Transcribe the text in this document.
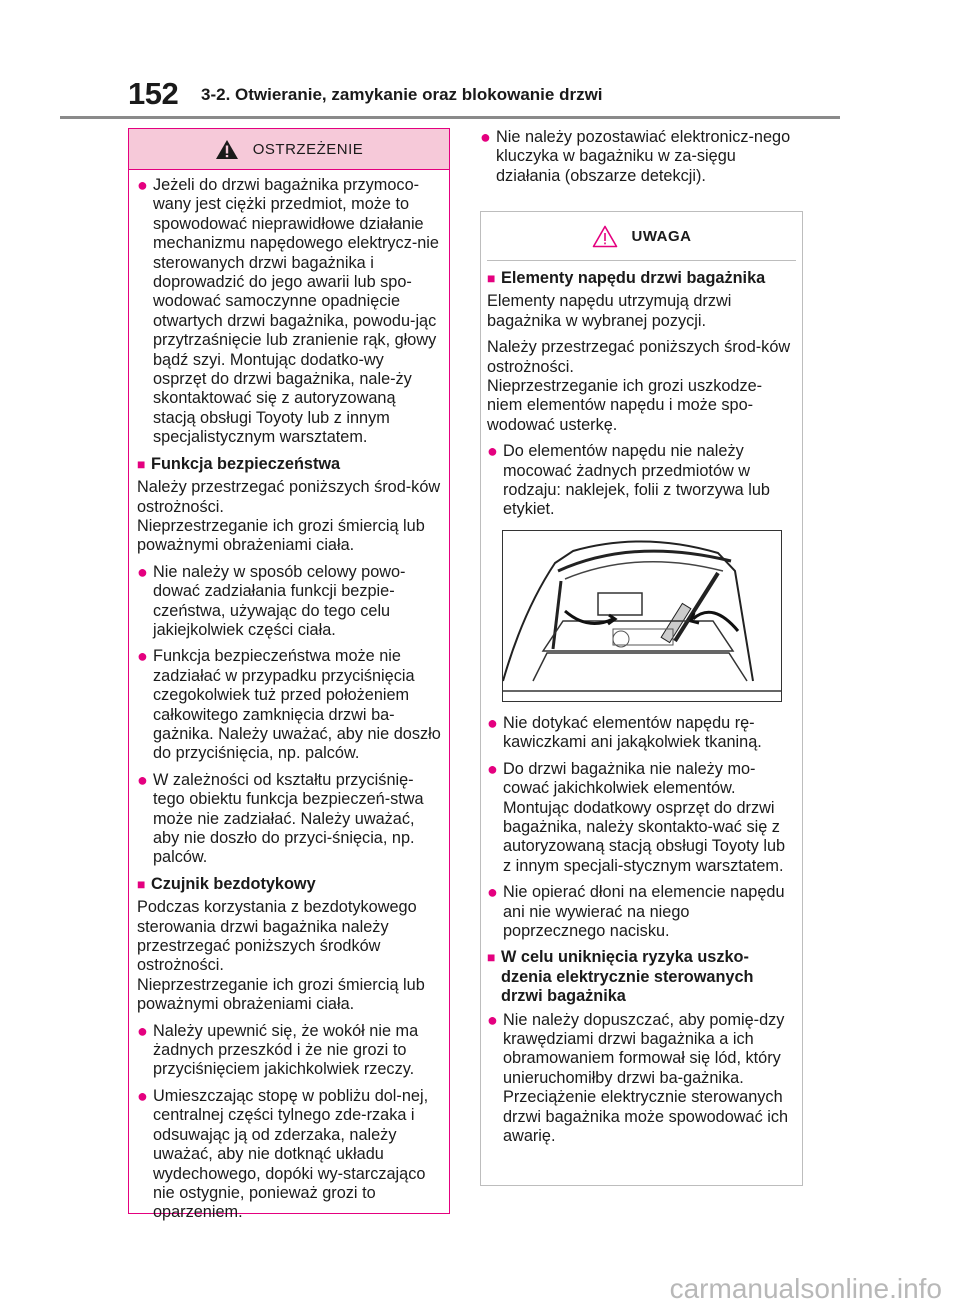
152 3-2. Otwieranie, zamykanie oraz blokowanie drzwi
OSTRZEŻENIE
● Jeżeli do drzwi bagażnika przymoco-wany jest ciężki przedmiot, może to spowodować nieprawidłowe działanie mechanizmu napędowego elektrycz-nie sterowanych drzwi bagażnika i doprowadzić do jego awarii lub spo-wodować samoczynne opadnięcie otwartych drzwi bagażnika, powodu-jąc przytrzaśnięcie lub zranienie rąk, głowy bądź szyi. Montując dodatko-wy osprzęt do drzwi bagażnika, nale-ży skontaktować się z autoryzowaną stacją obsługi Toyoty lub z innym specjalistycznym warsztatem.
■ Funkcja bezpieczeństwa
Należy przestrzegać poniższych środ-ków ostrożności.
Nieprzestrzeganie ich grozi śmiercią lub poważnymi obrażeniami ciała.
● Nie należy w sposób celowy powo-dować zadziałania funkcji bezpie-czeństwa, używając do tego celu jakiejkolwiek części ciała.
● Funkcja bezpieczeństwa może nie zadziałać w przypadku przyciśnięcia czegokolwiek tuż przed położeniem całkowitego zamknięcia drzwi ba-gażnika. Należy uważać, aby nie doszło do przyciśnięcia, np. palców.
● W zależności od kształtu przyciśnię-tego obiektu funkcja bezpieczeń-stwa może nie zadziałać. Należy uważać, aby nie doszło do przyci-śnięcia, np. palców.
■ Czujnik bezdotykowy
Podczas korzystania z bezdotykowego sterowania drzwi bagażnika należy przestrzegać poniższych środków ostrożności.
Nieprzestrzeganie ich grozi śmiercią lub poważnymi obrażeniami ciała.
● Należy upewnić się, że wokół nie ma żadnych przeszkód i że nie grozi to przyciśnięciem jakichkolwiek rzeczy.
● Umieszczając stopę w pobliżu dol-nej, centralnej części tylnego zde-rzaka i odsuwając ją od zderzaka, należy uważać, aby nie dotknąć układu wydechowego, dopóki wy-starczająco nie ostygnie, ponieważ grozi to oparzeniem.
● Nie należy pozostawiać elektronicz-nego kluczyka w bagażniku w za-sięgu działania (obszarze detekcji).
UWAGA
■ Elementy napędu drzwi bagażnika
Elementy napędu utrzymują drzwi bagażnika w wybranej pozycji.
Należy przestrzegać poniższych środ-ków ostrożności.
Nieprzestrzeganie ich grozi uszkodze-niem elementów napędu i może spo-wodować usterkę.
● Do elementów napędu nie należy mocować żadnych przedmiotów w rodzaju: naklejek, folii z tworzywa lub etykiet.
● Nie dotykać elementów napędu rę-kawiczkami ani jakąkolwiek tkaniną.
● Do drzwi bagażnika nie należy mo-cować jakichkolwiek elementów. Montując dodatkowy osprzęt do drzwi bagażnika, należy skontakto-wać się z autoryzowaną stacją obsługi Toyoty lub z innym specjali-stycznym warsztatem.
● Nie opierać dłoni na elemencie napędu ani nie wywierać na niego poprzecznego nacisku.
■ W celu uniknięcia ryzyka uszko-dzenia elektrycznie sterowanych drzwi bagażnika
● Nie należy dopuszczać, aby pomię-dzy krawędziami drzwi bagażnika a ich obramowaniem formował się lód, który unieruchomiłby drzwi ba-gażnika. Przeciążenie elektrycznie sterowanych drzwi bagażnika może spowodować ich awarię.
carmanualsonline.info
